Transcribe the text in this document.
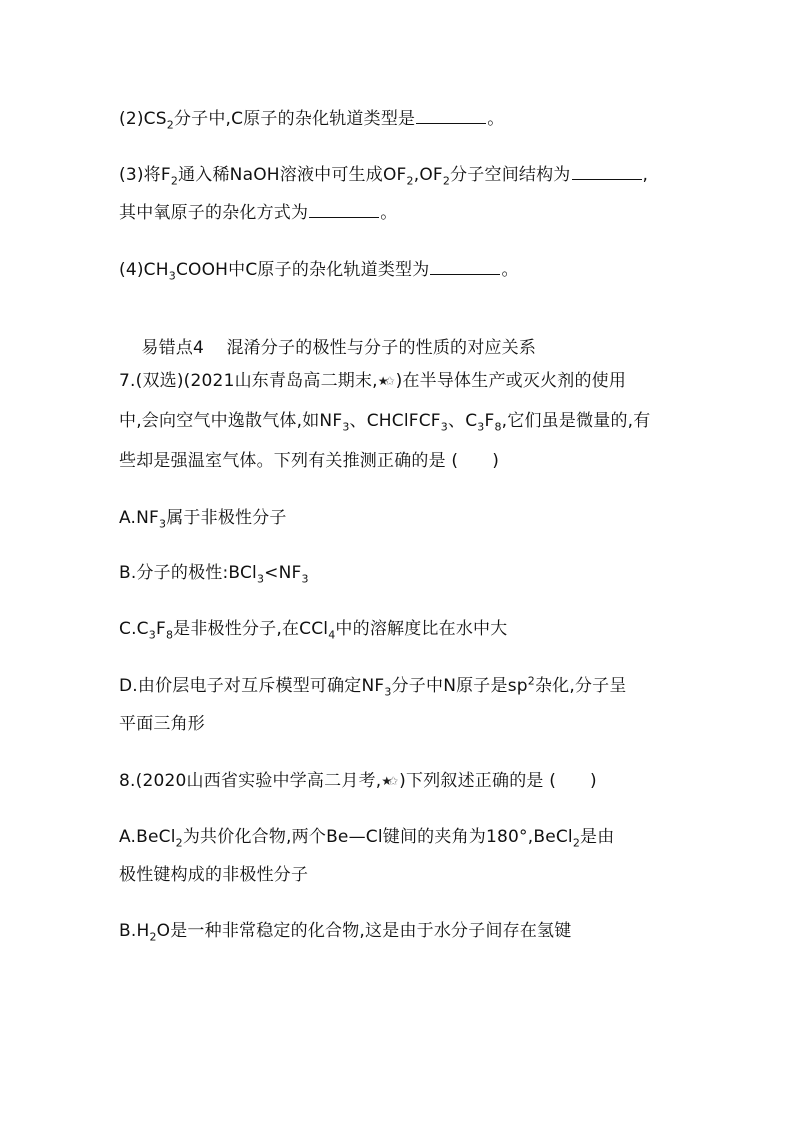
$(2)CS_2$分子中,C原子的杂化轨道类型是	。
(3)将$F_2$通入稀NaOH溶液中可生成$OF_2,OF_2$分子空间结构为	,
其中氧原子的杂化方式为	。
$(4)CH_3COOH$中C原子的杂化轨道类型为	。

易错点4    混淆分子的极性与分子的性质的对应关系

7.(双选)(2021山东青岛高二期末,★✩ )在半导体生产或灭火剂的使用
中,会向空气中逸散气体,如$NF_3$、CHClFCF$_3$、$C_3F_8$,它们虽是微量的,有
些却是强温室气体。下列有关推测正确的是 ( )
$A.NF_3$属于非极性分子
B.分子的极性$:BCl_3<NF_3$
$C.C_3F_8$是非极性分子,在CCl$_4$中的溶解度比在水中大
D.由价层电子对互斥模型可确定$NF_3$分子中N原子是$sp^2$杂化,分子呈
平面三角形
8.(2020山西省实验中学高二月考,★✩ )下列叙述正确的是 ( )
A.BeCl$_2$为共价化合物,两个Be—Cl键间的夹角为180°,BeCl$_2$是由
极性键构成的非极性分子
$B.H_2O$是一种非常稳定的化合物,这是由于水分子间存在氢键
